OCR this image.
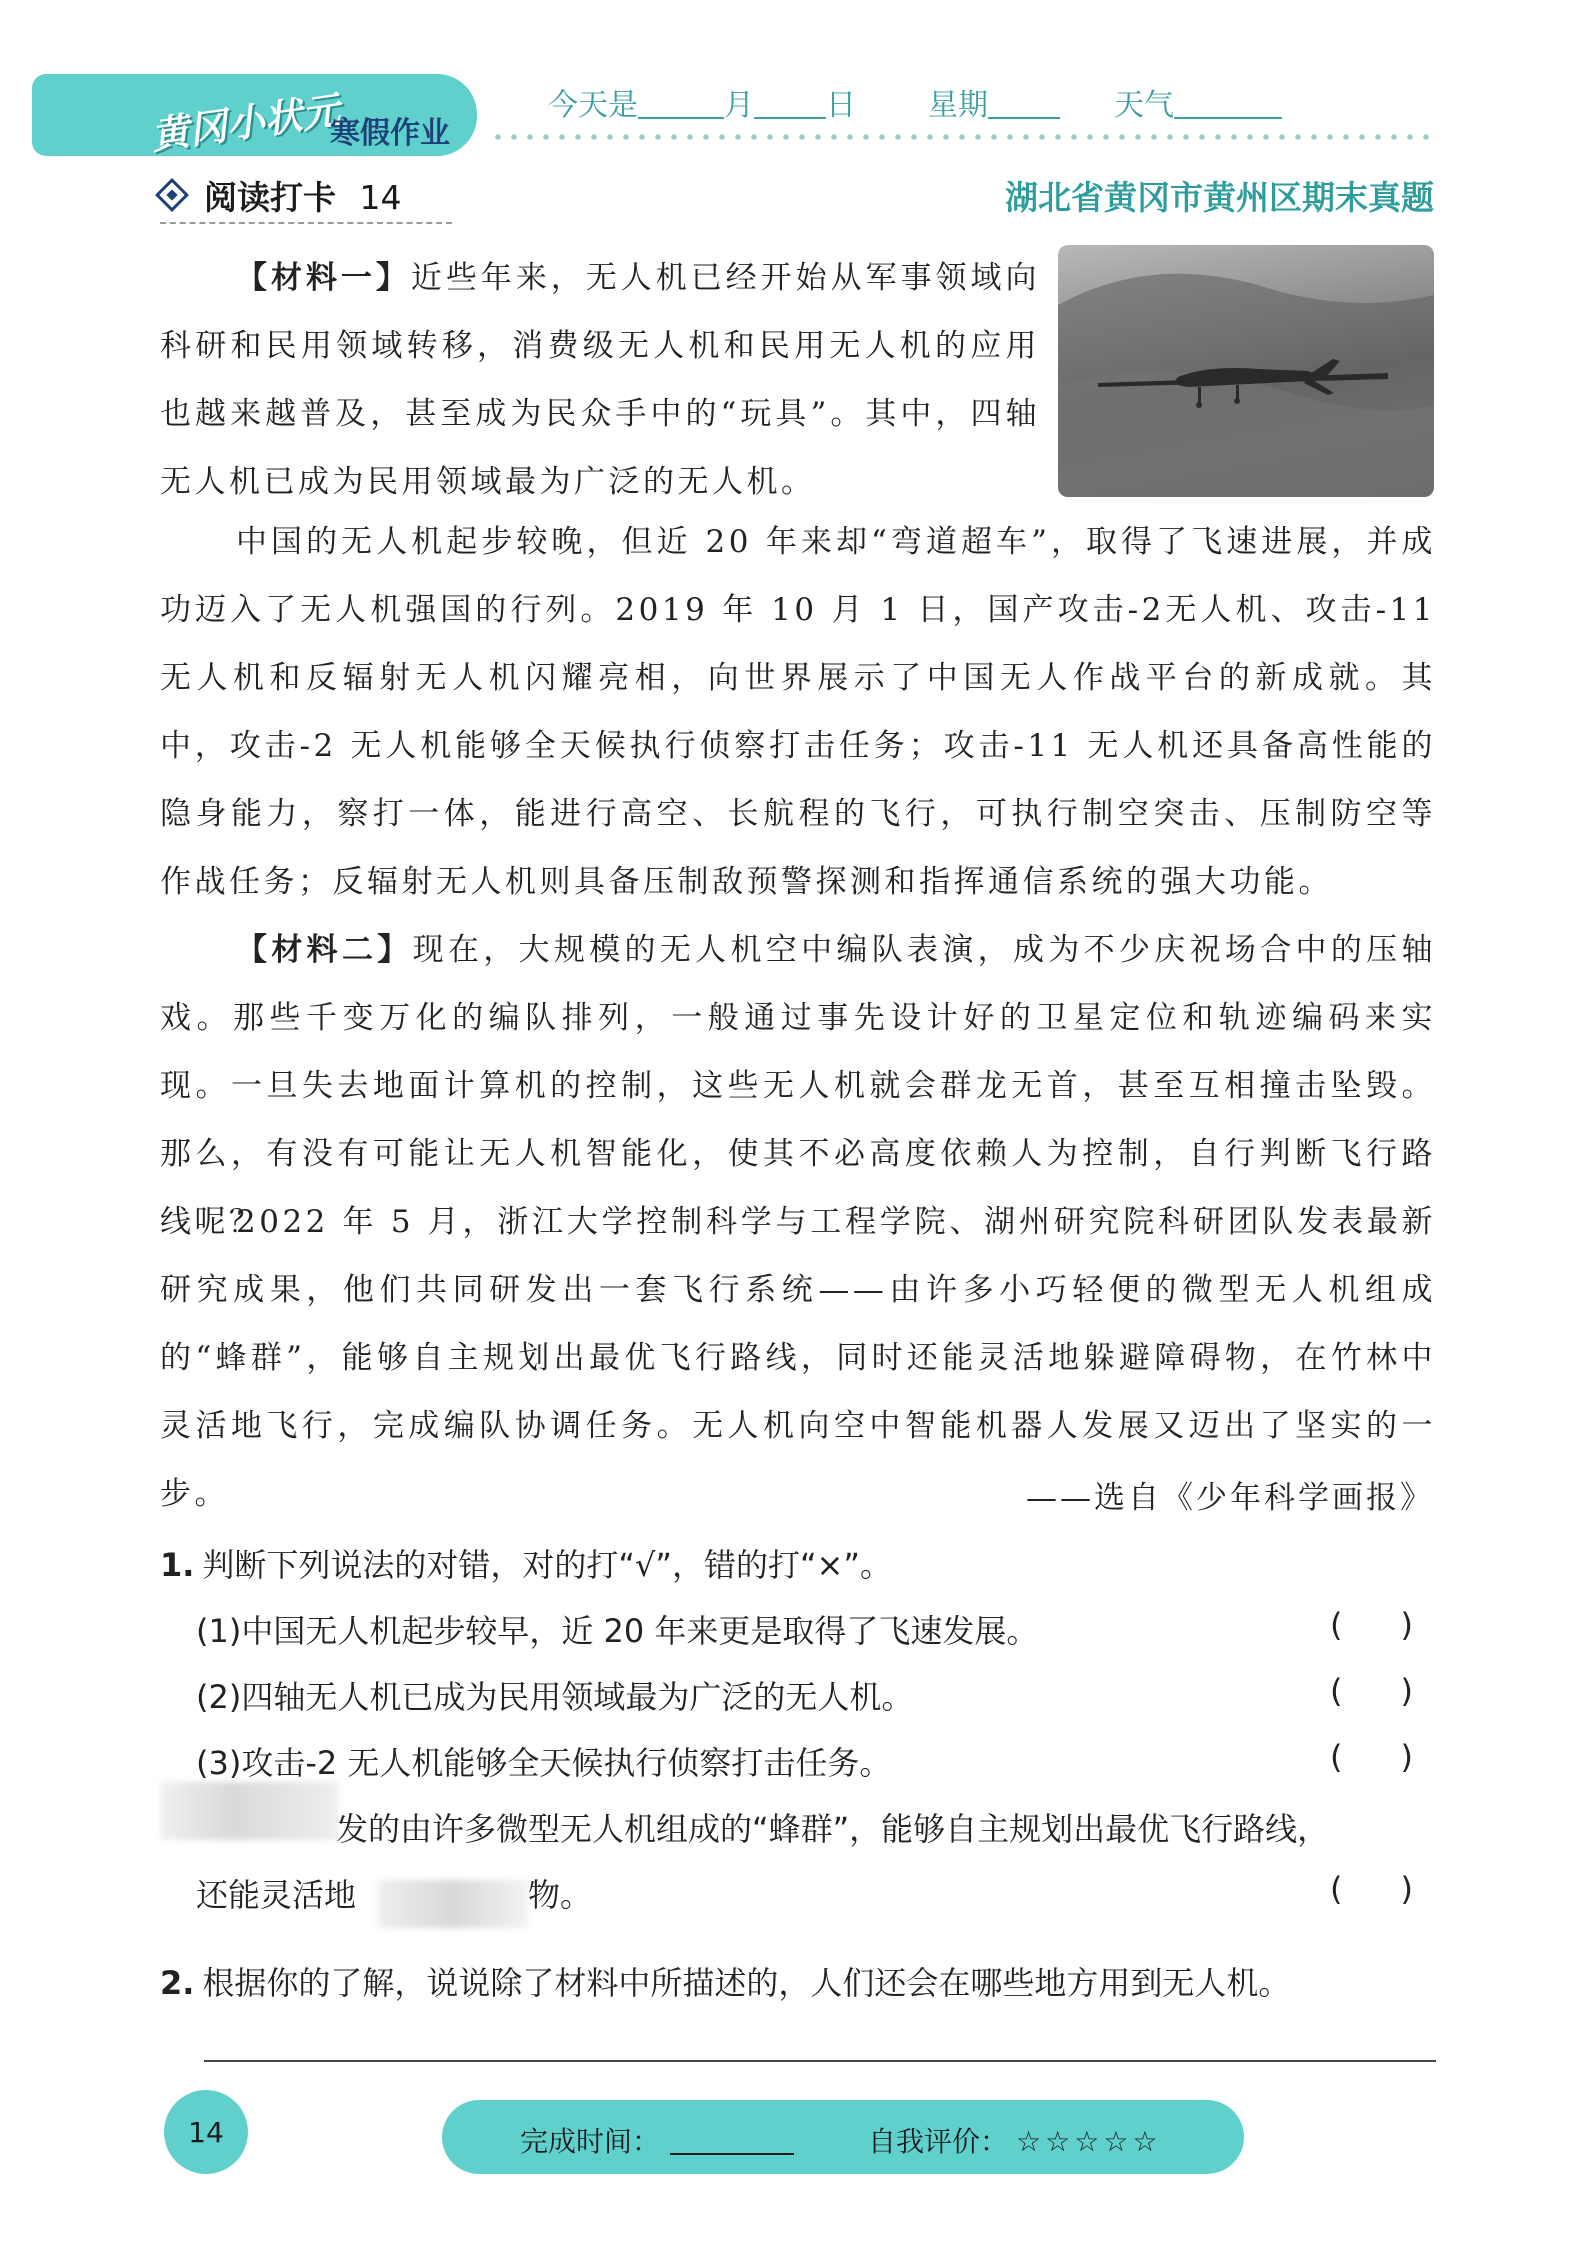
黄冈小状元
寒假作业
今天是	月 日 星期	天气
阅读打卡 14	湖北省黄冈市黄州区期末真题
【材料一】近些年来，无人机已经开始从军事领域向科研和民用领域转移，消费级无人机和民用无人机的应用也越来越普及，甚至成为民众手中的“玩具”。其中，四轴无人机已成为民用领域最为广泛的无人机。
中国的无人机起步较晚，但近 20 年来却“弯道超车”，取得了飞速进展，并成功迈入了无人机强国的行列。2019 年 10 月 1 日，国产攻击-2无人机、攻击-11 无人机和反辐射无人机闪耀亮相，向世界展示了中国无人作战平台的新成就。其中，攻击-2 无人机能够全天候执行侦察打击任务；攻击-11 无人机还具备高性能的隐身能力，察打一体，能进行高空、长航程的飞行，可执行制空突击、压制防空等作战任务；反辐射无人机则具备压制敌预警探测和指挥通信系统的强大功能。
【材料二】现在，大规模的无人机空中编队表演，成为不少庆祝场合中的压轴戏。那些千变万化的编队排列，一般通过事先设计好的卫星定位和轨迹编码来实现。一旦失去地面计算机的控制，这些无人机就会群龙无首，甚至互相撞击坠毁。那么，有没有可能让无人机智能化，使其不必高度依赖人为控制，自行判断飞行路线呢？
2022 年 5 月，浙江大学控制科学与工程学院、湖州研究院科研团队发表最新研究成果，他们共同研发出一套飞行系统——由许多小巧轻便的微型无人机组成的“蜂群”，能够自主规划出最优飞行路线，同时还能灵活地躲避障碍物，在竹林中灵活地飞行，完成编队协调任务。无人机向空中智能机器人发展又迈出了坚实的一步。	——选自《少年科学画报》
1. 判断下列说法的对错，对的打“√”，错的打“×”。
(1)中国无人机起步较早，近 20 年来更是取得了飞速发展。	()
(2)四轴无人机已成为民用领域最为广泛的无人机。	()
(3)攻击-2 无人机能够全天候执行侦察打击任务。	()
发的由许多微型无人机组成的“蜂群”，能够自主规划出最优飞行路线，
还能灵活地	物。	()
2. 根据你的了解，说说除了材料中所描述的，人们还会在哪些地方用到无人机。
14	完成时间：	自我评价： ☆☆☆☆☆
